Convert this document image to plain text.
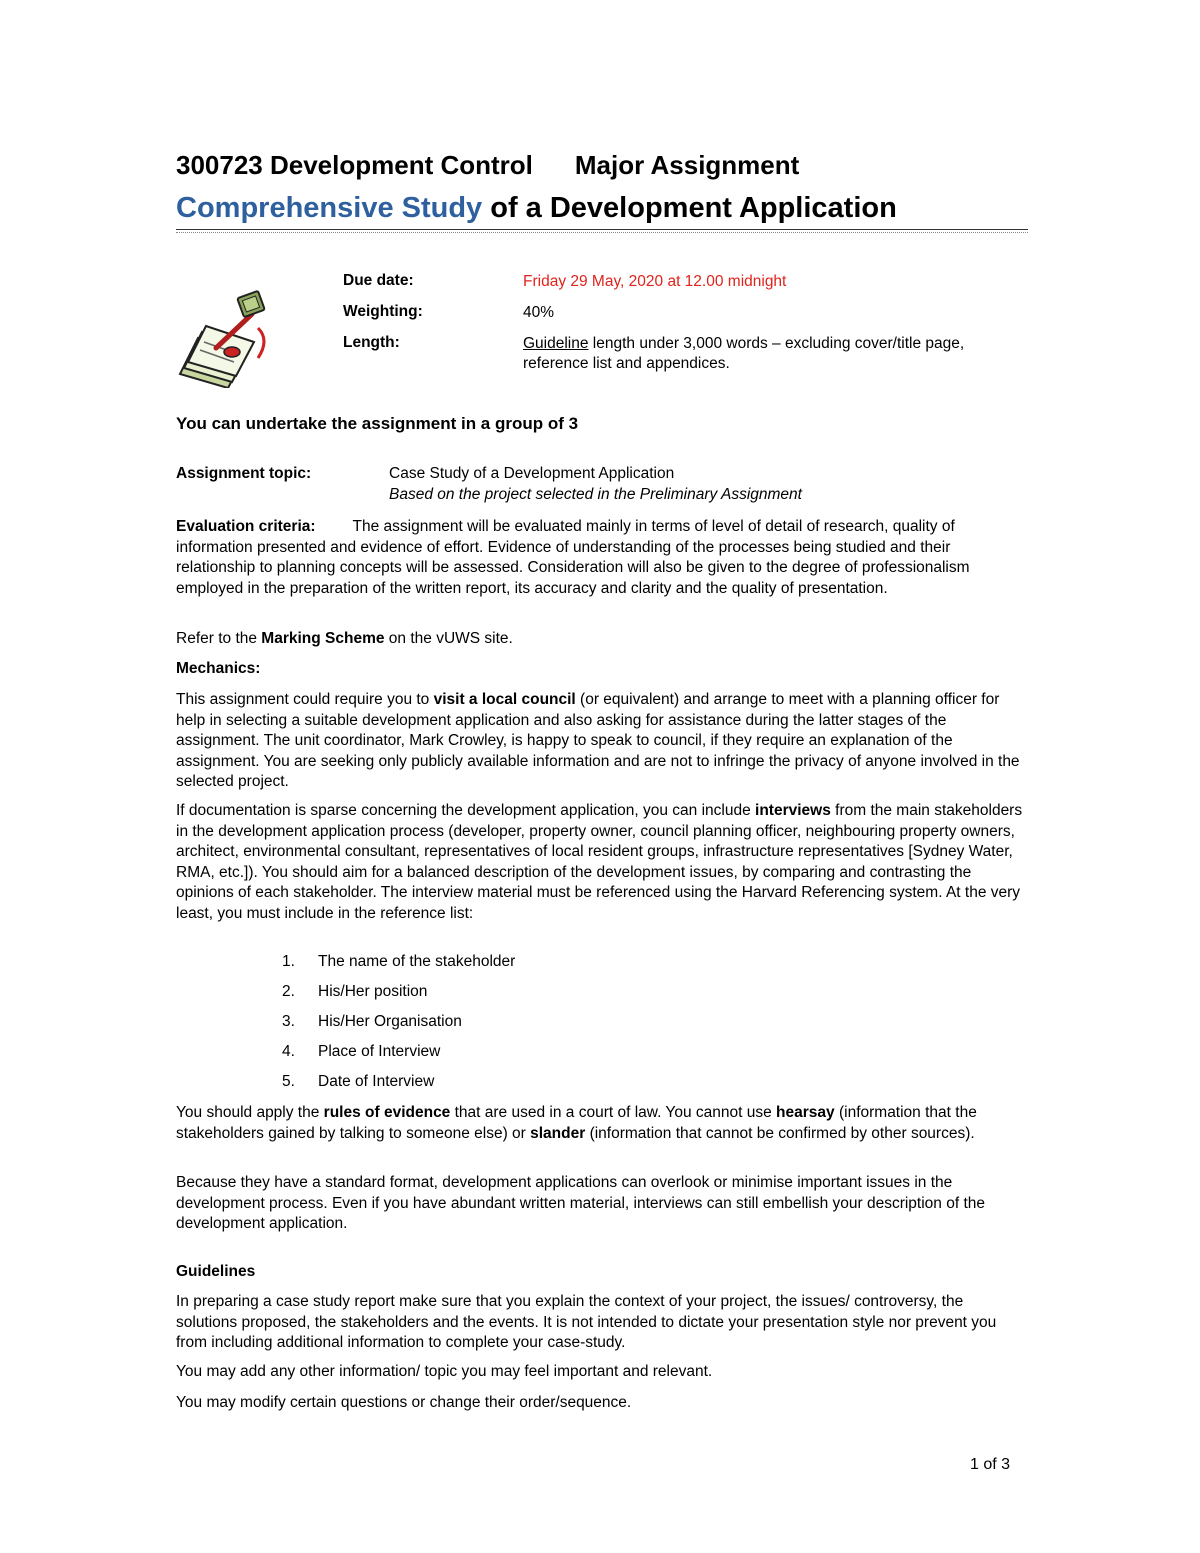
300723 Development Control Major Assignment
Comprehensive Study of a Development Application
Due date:	Friday 29 May, 2020 at 12.00 midnight
Weighting:	40%
Length:	Guideline length under 3,000 words – excluding cover/title page, reference list and appendices.
You can undertake the assignment in a group of 3
Assignment topic:	Case Study of a Development Application
Based on the project selected in the Preliminary Assignment
Evaluation criteria: The assignment will be evaluated mainly in terms of level of detail of research, quality of information presented and evidence of effort. Evidence of understanding of the processes being studied and their relationship to planning concepts will be assessed. Consideration will also be given to the degree of professionalism employed in the preparation of the written report, its accuracy and clarity and the quality of presentation.
Refer to the Marking Scheme on the vUWS site.
Mechanics:
This assignment could require you to visit a local council (or equivalent) and arrange to meet with a planning officer for help in selecting a suitable development application and also asking for assistance during the latter stages of the assignment. The unit coordinator, Mark Crowley, is happy to speak to council, if they require an explanation of the assignment. You are seeking only publicly available information and are not to infringe the privacy of anyone involved in the selected project.
If documentation is sparse concerning the development application, you can include interviews from the main stakeholders in the development application process (developer, property owner, council planning officer, neighbouring property owners, architect, environmental consultant, representatives of local resident groups, infrastructure representatives [Sydney Water, RMA, etc.]). You should aim for a balanced description of the development issues, by comparing and contrasting the opinions of each stakeholder. The interview material must be referenced using the Harvard Referencing system. At the very least, you must include in the reference list:
1. The name of the stakeholder
2. His/Her position
3. His/Her Organisation
4. Place of Interview
5. Date of Interview
You should apply the rules of evidence that are used in a court of law. You cannot use hearsay (information that the stakeholders gained by talking to someone else) or slander (information that cannot be confirmed by other sources).
Because they have a standard format, development applications can overlook or minimise important issues in the development process. Even if you have abundant written material, interviews can still embellish your description of the development application.
Guidelines
In preparing a case study report make sure that you explain the context of your project, the issues/ controversy, the solutions proposed, the stakeholders and the events. It is not intended to dictate your presentation style nor prevent you from including additional information to complete your case-study.
You may add any other information/ topic you may feel important and relevant.
You may modify certain questions or change their order/sequence.
1 of 3
